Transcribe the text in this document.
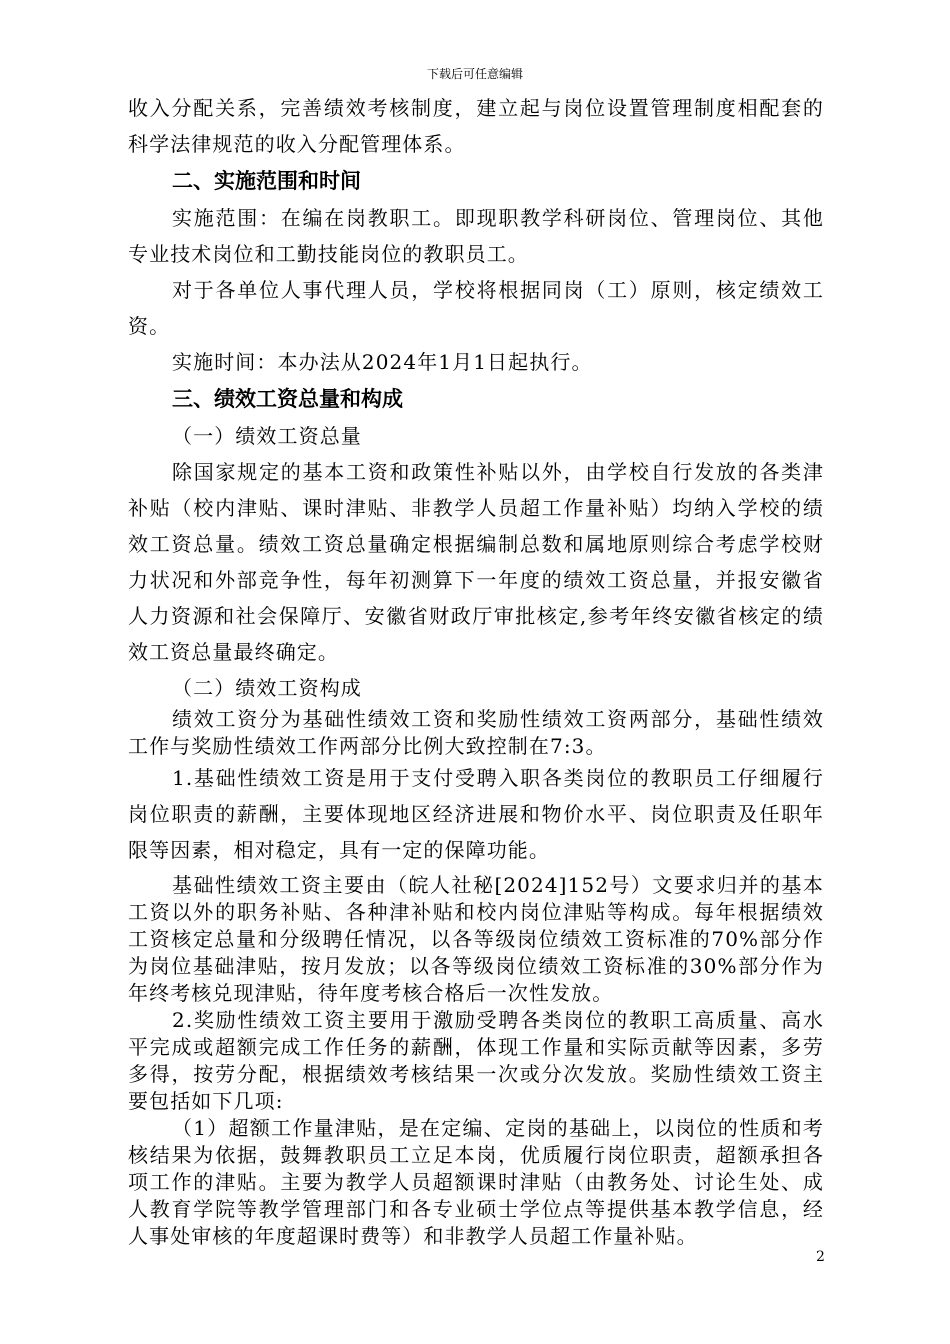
下载后可任意编辑

收入分配关系，完善绩效考核制度，建立起与岗位设置管理制度相配套的科学法律规范的收入分配管理体系。

二、实施范围和时间

实施范围：在编在岗教职工。即现职教学科研岗位、管理岗位、其他专业技术岗位和工勤技能岗位的教职员工。

对于各单位人事代理人员，学校将根据同岗（工）原则，核定绩效工资。

实施时间：本办法从2024年1月1日起执行。

三、绩效工资总量和构成

（一）绩效工资总量

除国家规定的基本工资和政策性补贴以外，由学校自行发放的各类津补贴（校内津贴、课时津贴、非教学人员超工作量补贴）均纳入学校的绩效工资总量。绩效工资总量确定根据编制总数和属地原则综合考虑学校财力状况和外部竞争性，每年初测算下一年度的绩效工资总量，并报安徽省人力资源和社会保障厅、安徽省财政厅审批核定,参考年终安徽省核定的绩效工资总量最终确定。

（二）绩效工资构成

绩效工资分为基础性绩效工资和奖励性绩效工资两部分，基础性绩效工作与奖励性绩效工作两部分比例大致控制在7:3。

1.基础性绩效工资是用于支付受聘入职各类岗位的教职员工仔细履行岗位职责的薪酬，主要体现地区经济进展和物价水平、岗位职责及任职年限等因素，相对稳定，具有一定的保障功能。

基础性绩效工资主要由（皖人社秘[2024]152号）文要求归并的基本工资以外的职务补贴、各种津补贴和校内岗位津贴等构成。每年根据绩效工资核定总量和分级聘任情况，以各等级岗位绩效工资标准的70%部分作为岗位基础津贴，按月发放；以各等级岗位绩效工资标准的30%部分作为年终考核兑现津贴，待年度考核合格后一次性发放。

2.奖励性绩效工资主要用于激励受聘各类岗位的教职工高质量、高水平完成或超额完成工作任务的薪酬，体现工作量和实际贡献等因素，多劳多得，按劳分配，根据绩效考核结果一次或分次发放。奖励性绩效工资主要包括如下几项:

（1）超额工作量津贴，是在定编、定岗的基础上，以岗位的性质和考核结果为依据，鼓舞教职员工立足本岗，优质履行岗位职责，超额承担各项工作的津贴。主要为教学人员超额课时津贴（由教务处、讨论生处、成人教育学院等教学管理部门和各专业硕士学位点等提供基本教学信息，经人事处审核的年度超课时费等）和非教学人员超工作量补贴。

2
